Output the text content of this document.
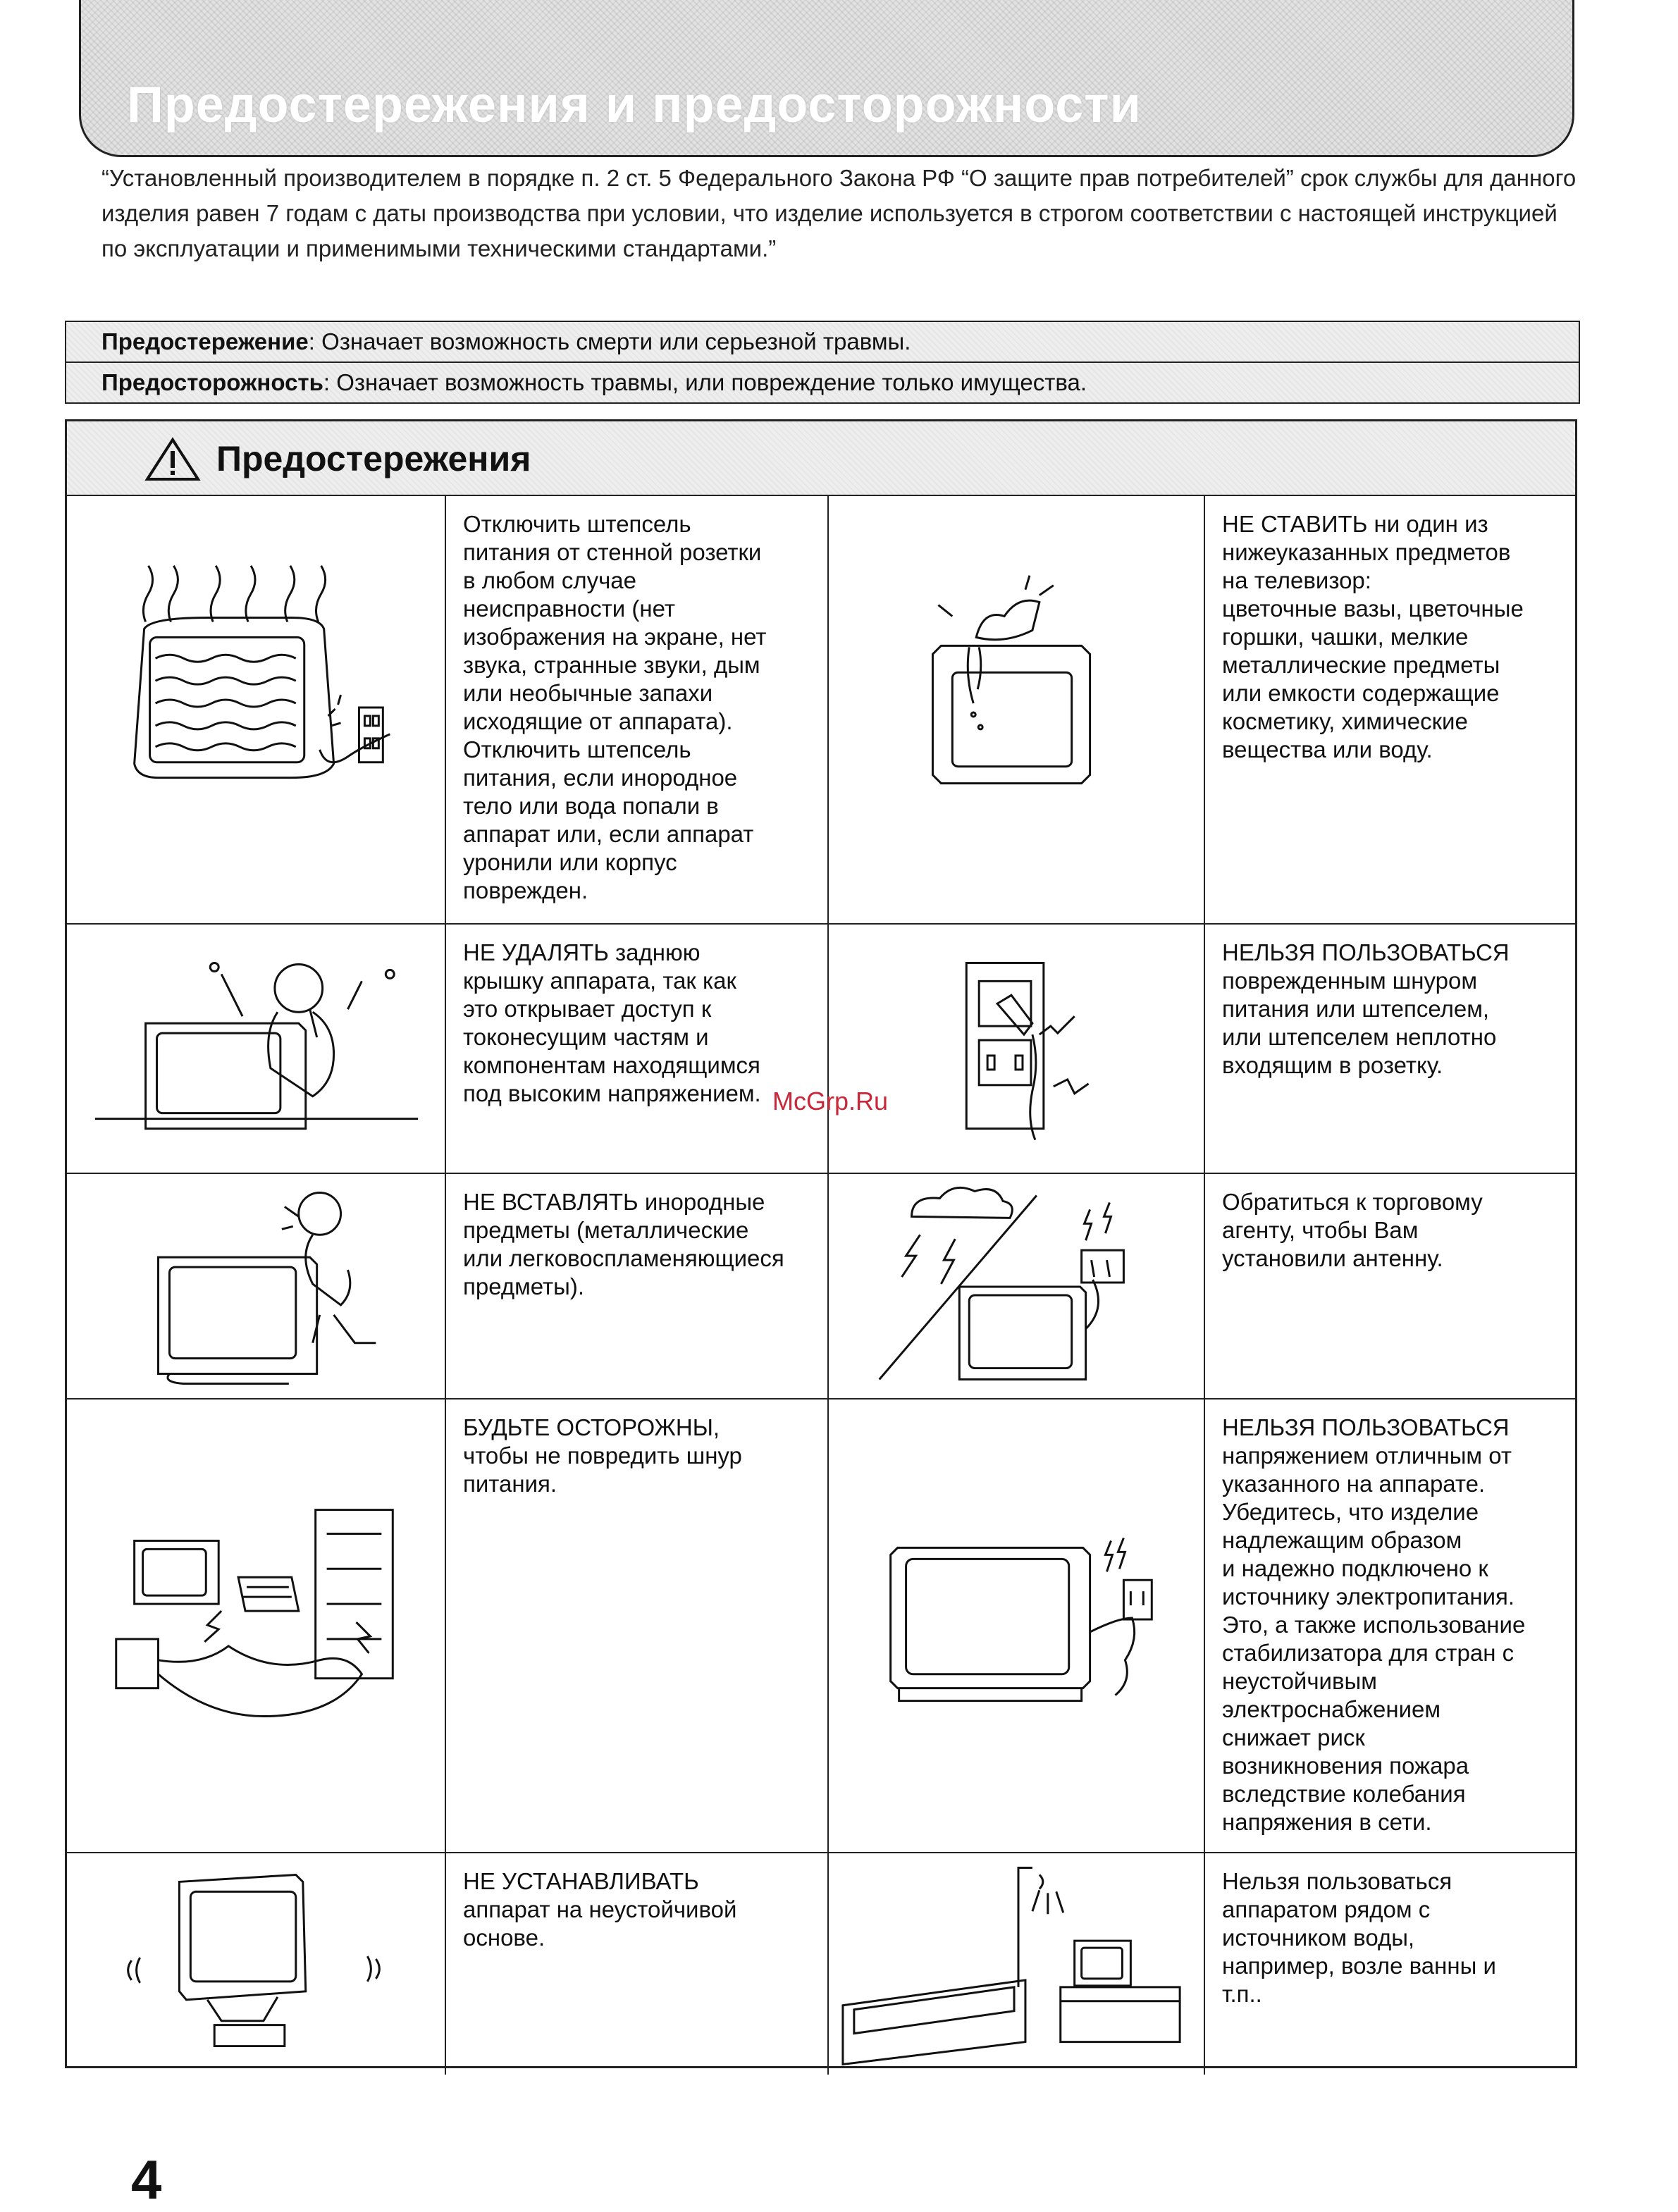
Предостережения и предосторожности
“Установленный производителем в порядке п. 2 ст. 5 Федерального Закона РФ “О защите прав потребителей” срок службы для данного изделия равен 7 годам с даты производства при условии, что изделие используется в строгом соответствии с настоящей инструкцией по эксплуатации и применимыми техническими стандартами.”
Предостережение: Означает возможность смерти или серьезной травмы.
Предосторожность: Означает возможность травмы, или повреждение только имущества.
Предостережения
Отключить штепсель
питания от стенной розетки
в любом случае
неисправности (нет
изображения на экране, нет
звука, странные звуки, дым
или необычные запахи
исходящие от аппарата).
Отключить штепсель
питания, если инородное
тело или вода попали в
аппарат или, если аппарат
уронили или корпус
поврежден.
НЕ СТАВИТЬ ни один из
нижеуказанных предметов
на телевизор:
цветочные вазы, цветочные
горшки, чашки, мелкие
металлические предметы
или емкости содержащие
косметику, химические
вещества или воду.
НЕ УДАЛЯТЬ заднюю
крышку аппарата, так как
это открывает доступ к
токонесущим частям и
компонентам находящимся
под высоким напряжением.
НЕЛЬЗЯ ПОЛЬЗОВАТЬСЯ
поврежденным шнуром
питания или штепселем,
или штепселем неплотно
входящим в розетку.
НЕ ВСТАВЛЯТЬ инородные
предметы (металлические
или легковоспламеняющиеся
предметы).
Обратиться к торговому
агенту, чтобы Вам
установили антенну.
БУДЬТЕ ОСТОРОЖНЫ,
чтобы не повредить шнур
питания.
НЕЛЬЗЯ ПОЛЬЗОВАТЬСЯ
напряжением отличным от
указанного на аппарате.
Убедитесь, что изделие
надлежащим образом
и надежно подключено к
источнику электропитания.
Это, а также использование
стабилизатора для стран с
неустойчивым
электроснабжением
снижает риск
возникновения пожара
вследствие колебания
напряжения в сети.
НЕ УСТАНАВЛИВАТЬ
аппарат на неустойчивой
основе.
Нельзя пользоваться
аппаратом рядом с
источником воды,
например, возле ванны и
т.п..
McGrp.Ru
4
